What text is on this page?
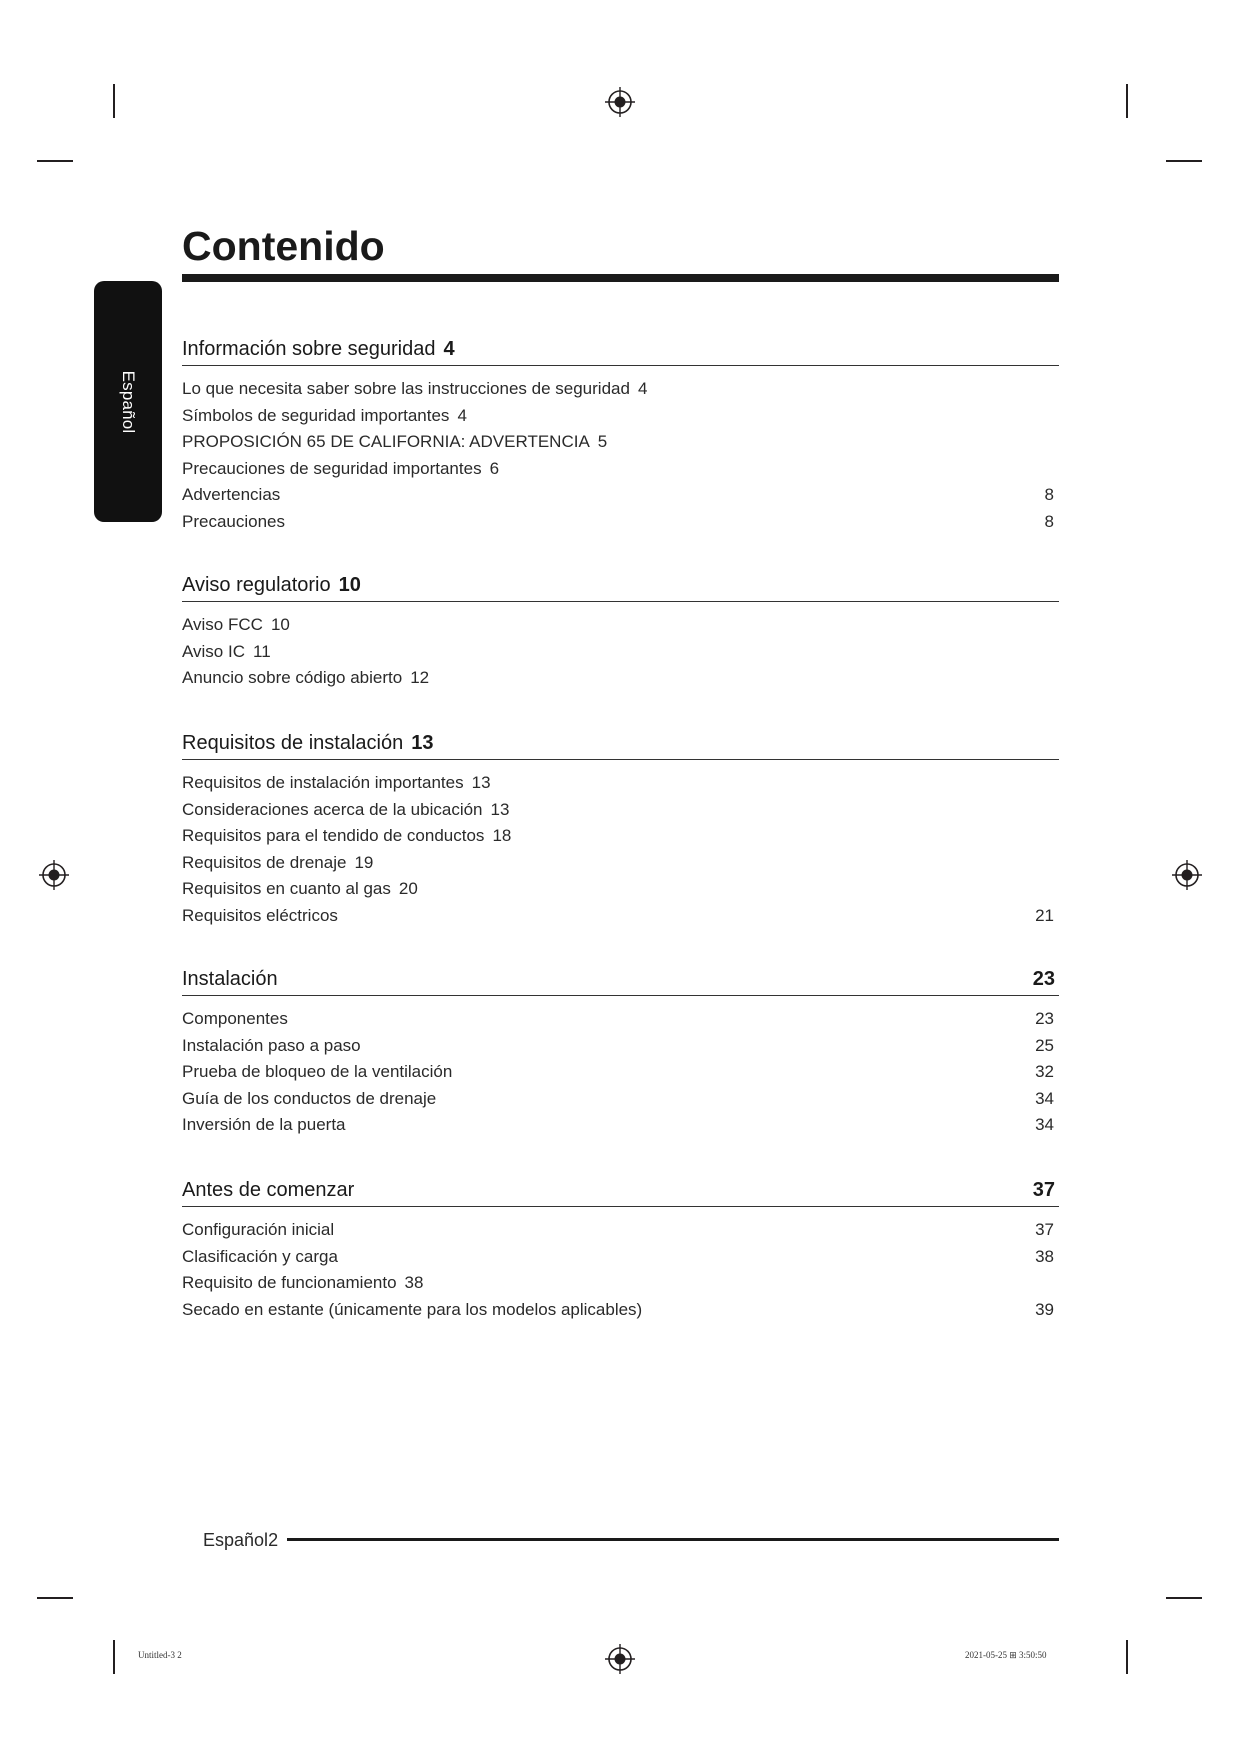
Español
Contenido
Información sobre seguridad 4
Lo que necesita saber sobre las instrucciones de seguridad 4
Símbolos de seguridad importantes 4
PROPOSICIÓN 65 DE CALIFORNIA: ADVERTENCIA 5
Precauciones de seguridad importantes 6
Advertencias	8
Precauciones	8
Aviso regulatorio 10
Aviso FCC 10
Aviso IC 11
Anuncio sobre código abierto 12
Requisitos de instalación 13
Requisitos de instalación importantes 13
Consideraciones acerca de la ubicación 13
Requisitos para el tendido de conductos 18
Requisitos de drenaje 19
Requisitos en cuanto al gas 20
Requisitos eléctricos	21
Instalación	23
Componentes	23
Instalación paso a paso	25
Prueba de bloqueo de la ventilación	32
Guía de los conductos de drenaje	34
Inversión de la puerta	34
Antes de comenzar	37
Configuración inicial	37
Clasificación y carga	38
Requisito de funcionamiento 38
Secado en estante (únicamente para los modelos aplicables)	39
Español2
Untitled-3 2	2021-05-25 ⊞ 3:50:50
